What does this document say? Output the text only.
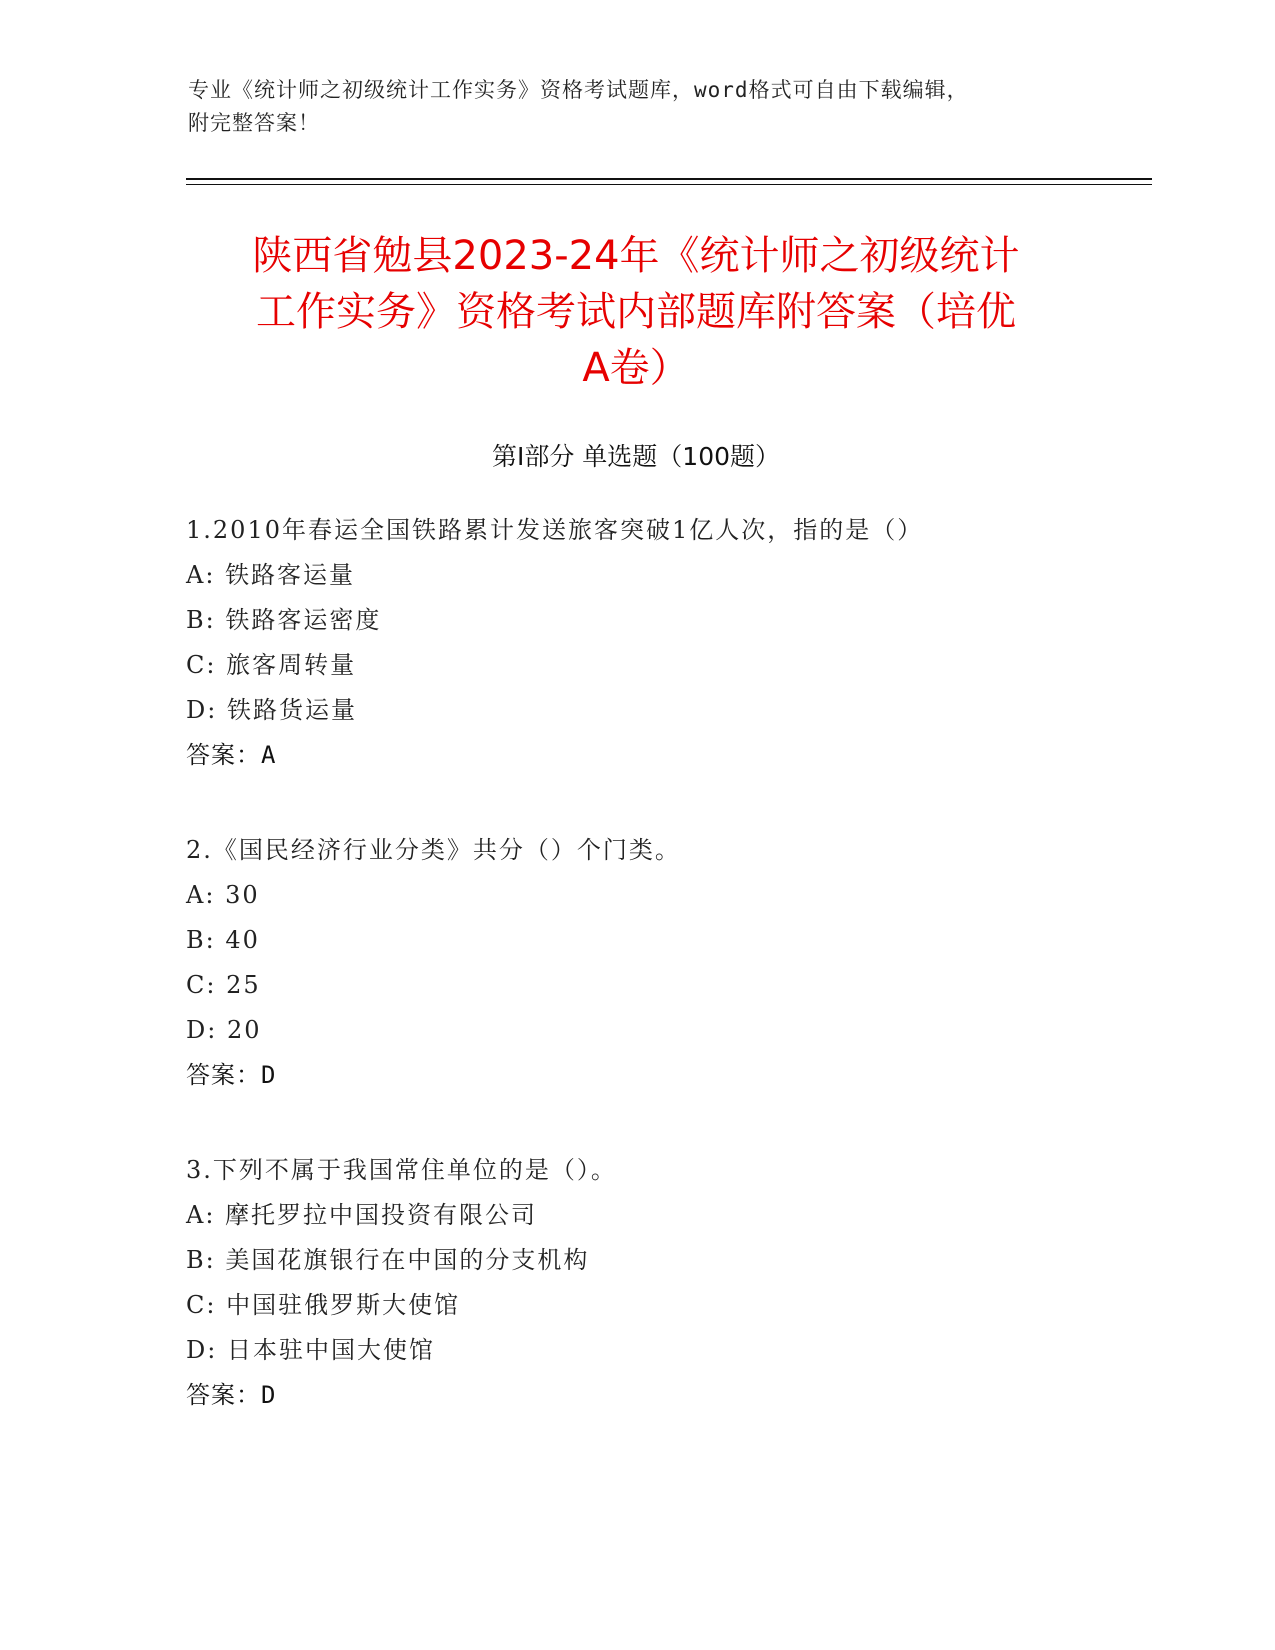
专业《统计师之初级统计工作实务》资格考试题库，word格式可自由下载编辑，
附完整答案！
陕西省勉县2023-24年《统计师之初级统计
工作实务》资格考试内部题库附答案（培优
A卷）
第Ⅰ部分 单选题（100题）
1.2010年春运全国铁路累计发送旅客突破1亿人次，指的是（）
A: 铁路客运量
B: 铁路客运密度
C: 旅客周转量
D: 铁路货运量
答案：A
2.《国民经济行业分类》共分（）个门类。
A: 30
B: 40
C: 25
D: 20
答案：D
3.下列不属于我国常住单位的是（）。
A: 摩托罗拉中国投资有限公司
B: 美国花旗银行在中国的分支机构
C: 中国驻俄罗斯大使馆
D: 日本驻中国大使馆
答案：D
